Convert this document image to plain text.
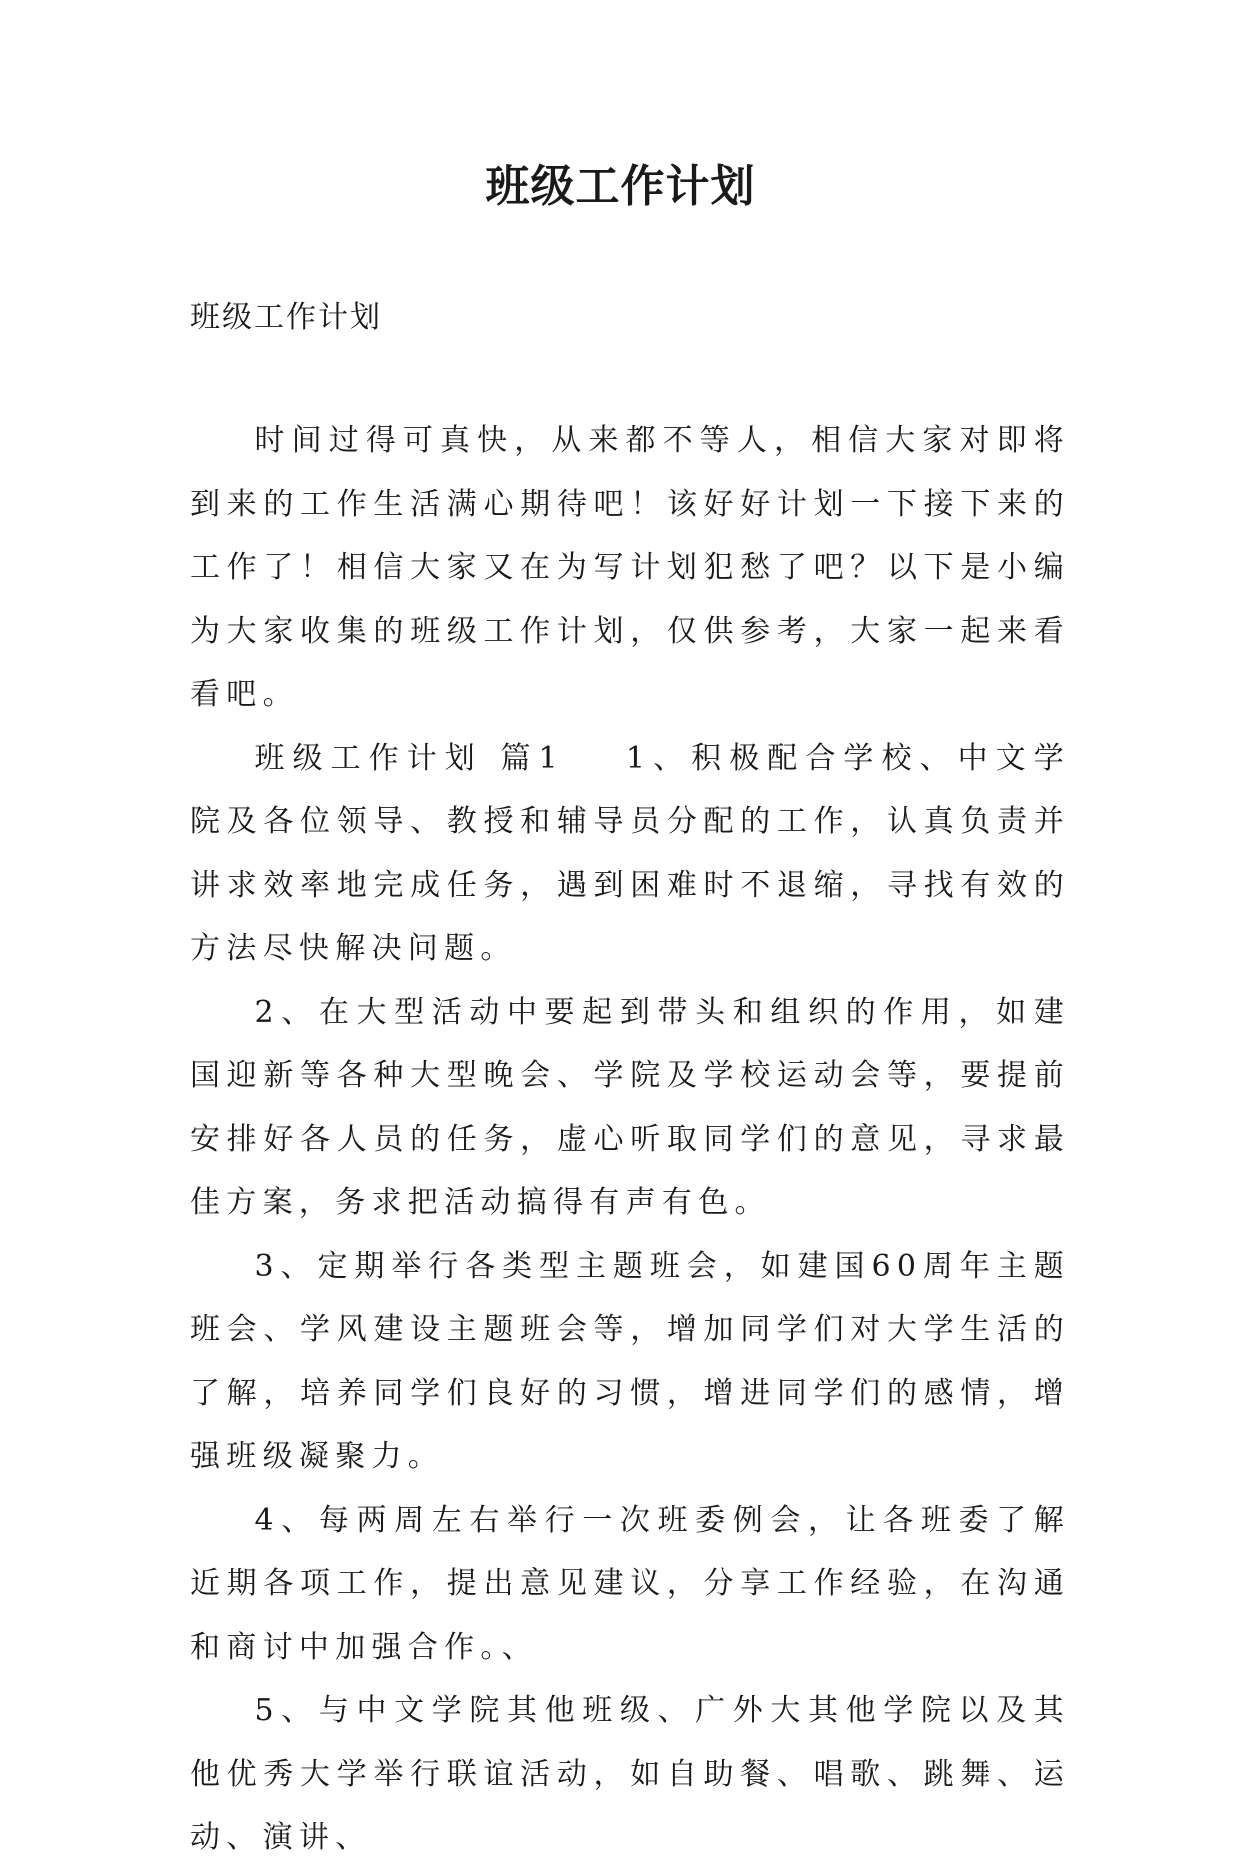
班级工作计划

班级工作计划

时间过得可真快，从来都不等人，相信大家对即将到来的工作生活满心期待吧！该好好计划一下接下来的工作了！相信大家又在为写计划犯愁了吧？以下是小编为大家收集的班级工作计划，仅供参考，大家一起来看看吧。

班级工作计划 篇1 1、积极配合学校、中文学院及各位领导、教授和辅导员分配的工作，认真负责并讲求效率地完成任务，遇到困难时不退缩，寻找有效的方法尽快解决问题。

2、在大型活动中要起到带头和组织的作用，如建国迎新等各种大型晚会、学院及学校运动会等，要提前安排好各人员的任务，虚心听取同学们的意见，寻求最佳方案，务求把活动搞得有声有色。

3、定期举行各类型主题班会，如建国60周年主题班会、学风建设主题班会等，增加同学们对大学生活的了解，培养同学们良好的习惯，增进同学们的感情，增强班级凝聚力。

4、每两周左右举行一次班委例会，让各班委了解近期各项工作，提出意见建议，分享工作经验，在沟通和商讨中加强合作。、

5、与中文学院其他班级、广外大其他学院以及其他优秀大学举行联谊活动，如自助餐、唱歌、跳舞、运动、演讲、
